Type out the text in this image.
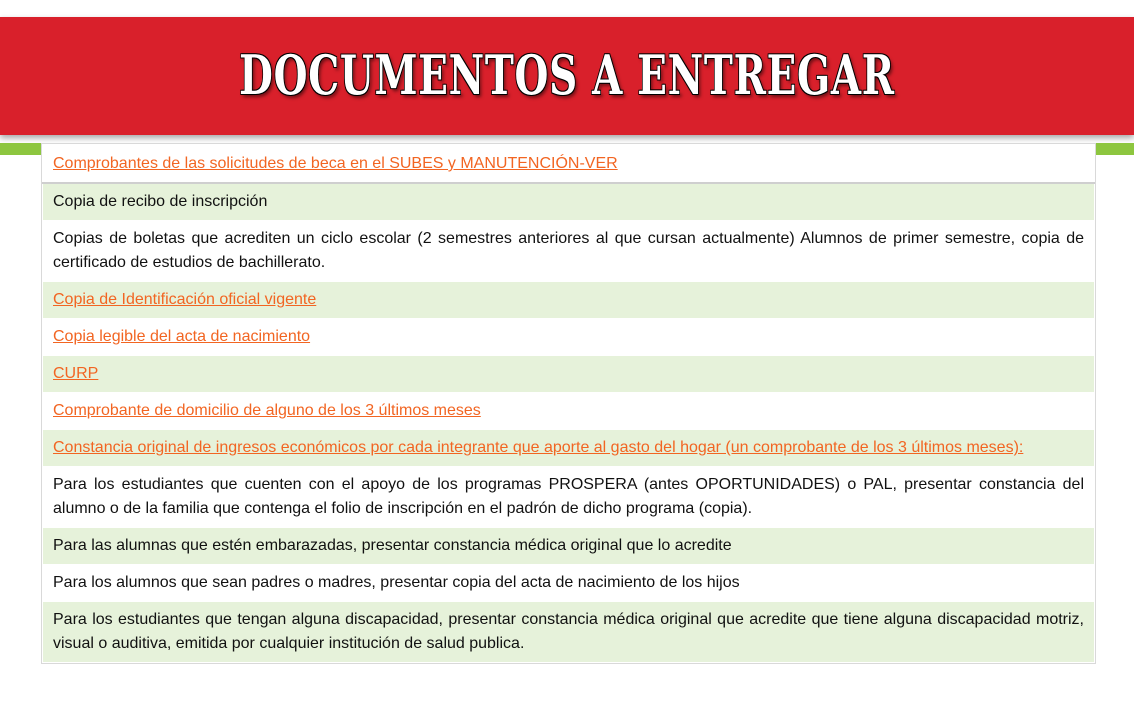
DOCUMENTOS A ENTREGAR
Comprobantes de las solicitudes de beca en el SUBES y MANUTENCIÓN-VER
Copia de recibo de inscripción
Copias de boletas que acrediten un ciclo escolar (2 semestres anteriores al que cursan actualmente) Alumnos de primer semestre, copia de certificado de estudios de bachillerato.
Copia de Identificación oficial vigente
Copia legible del acta de nacimiento
CURP
Comprobante de domicilio de alguno de los 3 últimos meses
Constancia original de ingresos económicos por cada integrante que aporte al gasto del hogar (un comprobante de los 3 últimos meses):
Para los estudiantes que cuenten con el apoyo de los programas PROSPERA (antes OPORTUNIDADES) o PAL, presentar constancia del alumno o de la familia que contenga el folio de inscripción en el padrón de dicho programa (copia).
Para las alumnas que estén embarazadas, presentar constancia médica original que lo acredite
Para los alumnos que sean padres o madres, presentar copia del acta de nacimiento de los hijos
Para los estudiantes que tengan alguna discapacidad, presentar constancia médica original que acredite que tiene alguna discapacidad motriz, visual o auditiva, emitida por cualquier institución de salud publica.
